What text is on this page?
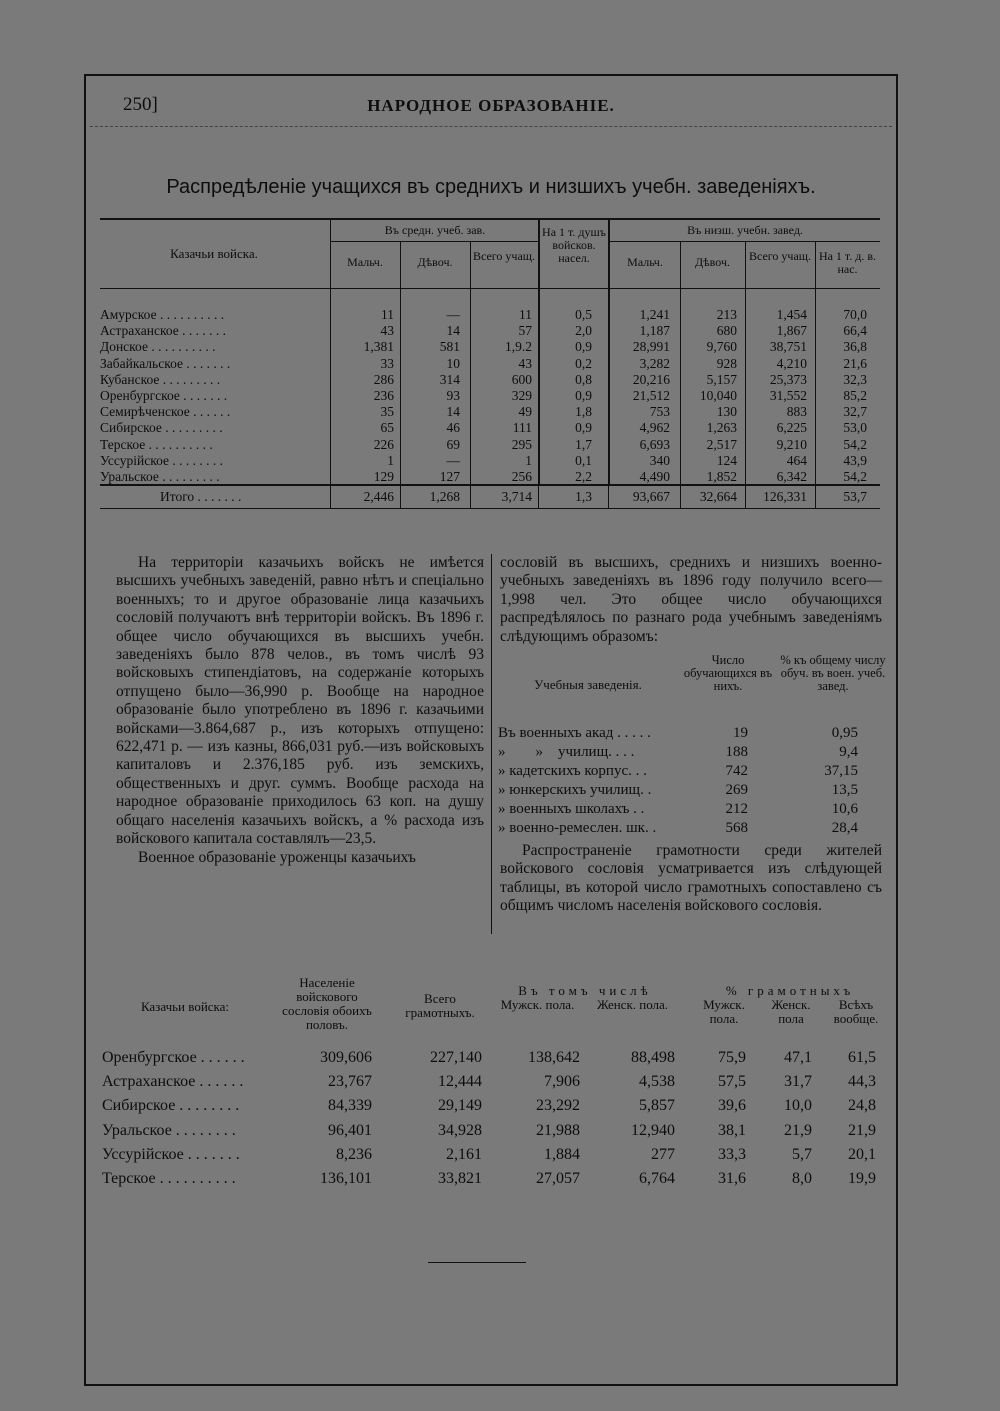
250]	НАРОДНОЕ ОБРАЗОВАНІЕ.
Распредѣленіе учащихся въ среднихъ и низшихъ учебн. заведеніяхъ.
Казачьи войска.
Въ средн. учеб. зав.
Мальч.	Дѣвоч.	Всего учащ.
На 1 т. душъ войсков. насел.
Въ низш. учебн. завед.
Мальч.	Дѣвоч.	Всего учащ. На 1 т. д. в. нас.
Амурское . . . . . . . . . .	11	—	11	0,5	1,241	213	1,454	70,0
Астраханское . . . . . . .	43	14	57	2,0	1,187	680	1,867	66,4
Донское . . . . . . . . . .	1,381	581	1,9.2	0,9	28,991	9,760	38,751	36,8
Забайкальское . . . . . . .	33	10	43	0,2	3,282	928	4,210	21,6
Кубанское . . . . . . . . .	286	314	600	0,8	20,216	5,157	25,373	32,3
Оренбургское . . . . . . .	236	93	329	0,9	21,512	10,040	31,552	85,2
Семирѣченское . . . . . .	35	14	49	1,8	753	130	883	32,7
Сибирское . . . . . . . . .	65	46	111	0,9	4,962	1,263	6,225	53,0
Терское . . . . . . . . . .	226	69	295	1,7	6,693	2,517	9,210	54,2
Уссурійское . . . . . . . .	1	—	1	0,1	340	124	464	43,9
Уральское . . . . . . . . .	129	127	256	2,2	4,490	1,852	6,342	54,2
Итого . . . . . . .	2,446	1,268	3,714	1,3	93,667	32,664	126,331	53,7

На территоріи казачьихъ войскъ не имѣется высшихъ учебныхъ заведеній, равно нѣтъ и спеціально военныхъ; то и другое образованіе лица казачьихъ сословій получаютъ внѣ территоріи войскъ. Въ 1896 г. общее число обучающихся въ высшихъ учебн. заведеніяхъ было 878 челов., въ томъ числѣ 93 войсковыхъ стипендіатовъ, на содержаніе которыхъ отпущено было—36,990 р. Вообще на народное образованіе было употреблено въ 1896 г. казачьими войсками—3.864,687 р., изъ которыхъ отпущено: 622,471 р. — изъ казны, 866,031 руб.—изъ войсковыхъ капиталовъ и 2.376,185 руб. изъ земскихъ, общественныхъ и друг. суммъ. Вообще расхода на народное образованіе приходилось 63 коп. на душу общаго населенія казачьихъ войскъ, а % расхода изъ войскового капитала составлялъ—23,5.

Военное образованіе уроженцы казачьихъ

сословій въ высшихъ, среднихъ и низшихъ военно-учебныхъ заведеніяхъ въ 1896 году получило всего—1,998 чел. Это общее число обучающихся распредѣлялось по разнаго рода учебнымъ заведеніямъ слѣдующимъ образомъ:

Учебныя заведенія.
Число обучающихся въ нихъ.
% къ общему числу обуч. въ воен. учеб. завед.
Въ военныхъ акад . . . . .	19	0,95
»        »    училищ. . . .	188	9,4
» кадетскихъ корпус. . .	742	37,15
» юнкерскихъ училищ. .	269	13,5
» военныхъ школахъ . .	212	10,6
» военно-ремеслен. шк. .	568	28,4

Распространеніе грамотности среди жителей войскового сословія усматривается изъ слѣдующей таблицы, въ которой число грамотныхъ сопоставлено съ общимъ числомъ населенія войскового сословія.

Казачьи войска:
Населеніе войскового сословія обоихъ половъ.
Всего грамотныхъ.
Въ томъ числѣ
Мужск. пола.	Женск. пола.
% грамотныхъ
Мужск. пола.
Женск. пола
Всѣхъ вообще.
Оренбургское . . . . . .	309,606	227,140	138,642	88,498	75,9	47,1	61,5
Астраханское . . . . . .	23,767	12,444	7,906	4,538	57,5	31,7	44,3
Сибирское . . . . . . . .	84,339	29,149	23,292	5,857	39,6	10,0	24,8
Уральское . . . . . . . .	96,401	34,928	21,988	12,940	38,1	21,9	21,9
Уссурійское . . . . . . .	8,236	2,161	1,884	277	33,3	5,7	20,1
Терское . . . . . . . . . .	136,101	33,821	27,057	6,764	31,6	8,0	19,9
